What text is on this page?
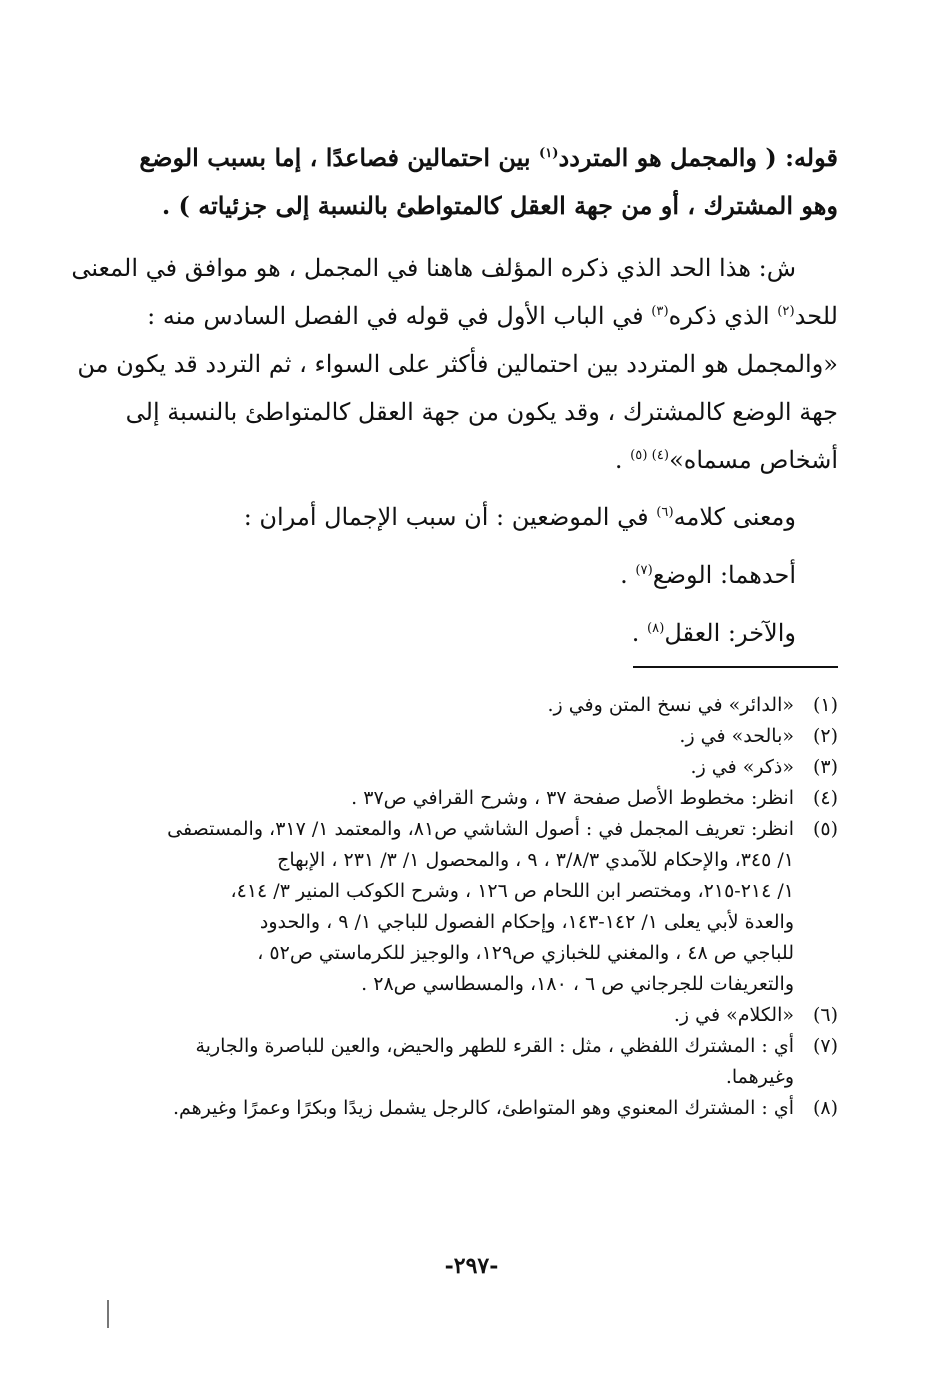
قوله: ( والمجمل هو المتردد$^{(١)}$ بين احتمالين فصاعدًا ، إما بسبب الوضع
وهو المشترك ، أو من جهة العقل كالمتواطئ بالنسبة إلى جزئياته ) .
ش: هذا الحد الذي ذكره المؤلف هاهنا في المجمل ، هو موافق في المعنى
للحد$^{(٢)}$ الذي ذكره$^{(٣)}$ في الباب الأول في قوله في الفصل السادس منه :
«والمجمل هو المتردد بين احتمالين فأكثر على السواء ، ثم التردد قد يكون من
جهة الوضع كالمشترك ، وقد يكون من جهة العقل كالمتواطئ بالنسبة إلى
أشخاص مسماه»$^{(٤) (٥)}$ .
ومعنى كلامه$^{(٦)}$ في الموضعين : أن سبب الإجمال أمران :
أحدهما: الوضع$^{(٧)}$ .
والآخر: العقل$^{(٨)}$ .
(١)«الدائر» في نسخ المتن وفي ز.
(٢)«بالحد» في ز.
(٣)«ذكر» في ز.
(٤)انظر: مخطوط الأصل صفحة ٣٧ ، وشرح القرافي ص٣٧ .
(٥)انظر: تعريف المجمل في : أصول الشاشي ص٨١، والمعتمد ١/ ٣١٧، والمستصفى
١/ ٣٤٥، والإحكام للآمدي ٣/٨/٣ ، ٩ ، والمحصول ١/ ٣/ ٢٣١ ، الإبهاج
١/ ٢١٤-٢١٥، ومختصر ابن اللحام ص ١٢٦ ، وشرح الكوكب المنير ٣/ ٤١٤،
والعدة لأبي يعلى ١/ ١٤٢-١٤٣، وإحكام الفصول للباجي ١/ ٩ ، والحدود
للباجي ص ٤٨ ، والمغني للخبازي ص١٢٩، والوجيز للكرماستي ص٥٢ ،
والتعريفات للجرجاني ص ٦ ، ١٨٠، والمسطاسي ص٢٨ .
(٦)«الكلام» في ز.
(٧)أي : المشترك اللفظي ، مثل : القرء للطهر والحيض، والعين للباصرة والجارية
وغيرهما.
(٨)أي : المشترك المعنوي وهو المتواطئ، كالرجل يشمل زيدًا وبكرًا وعمرًا وغيرهم.
-٢٩٧-
